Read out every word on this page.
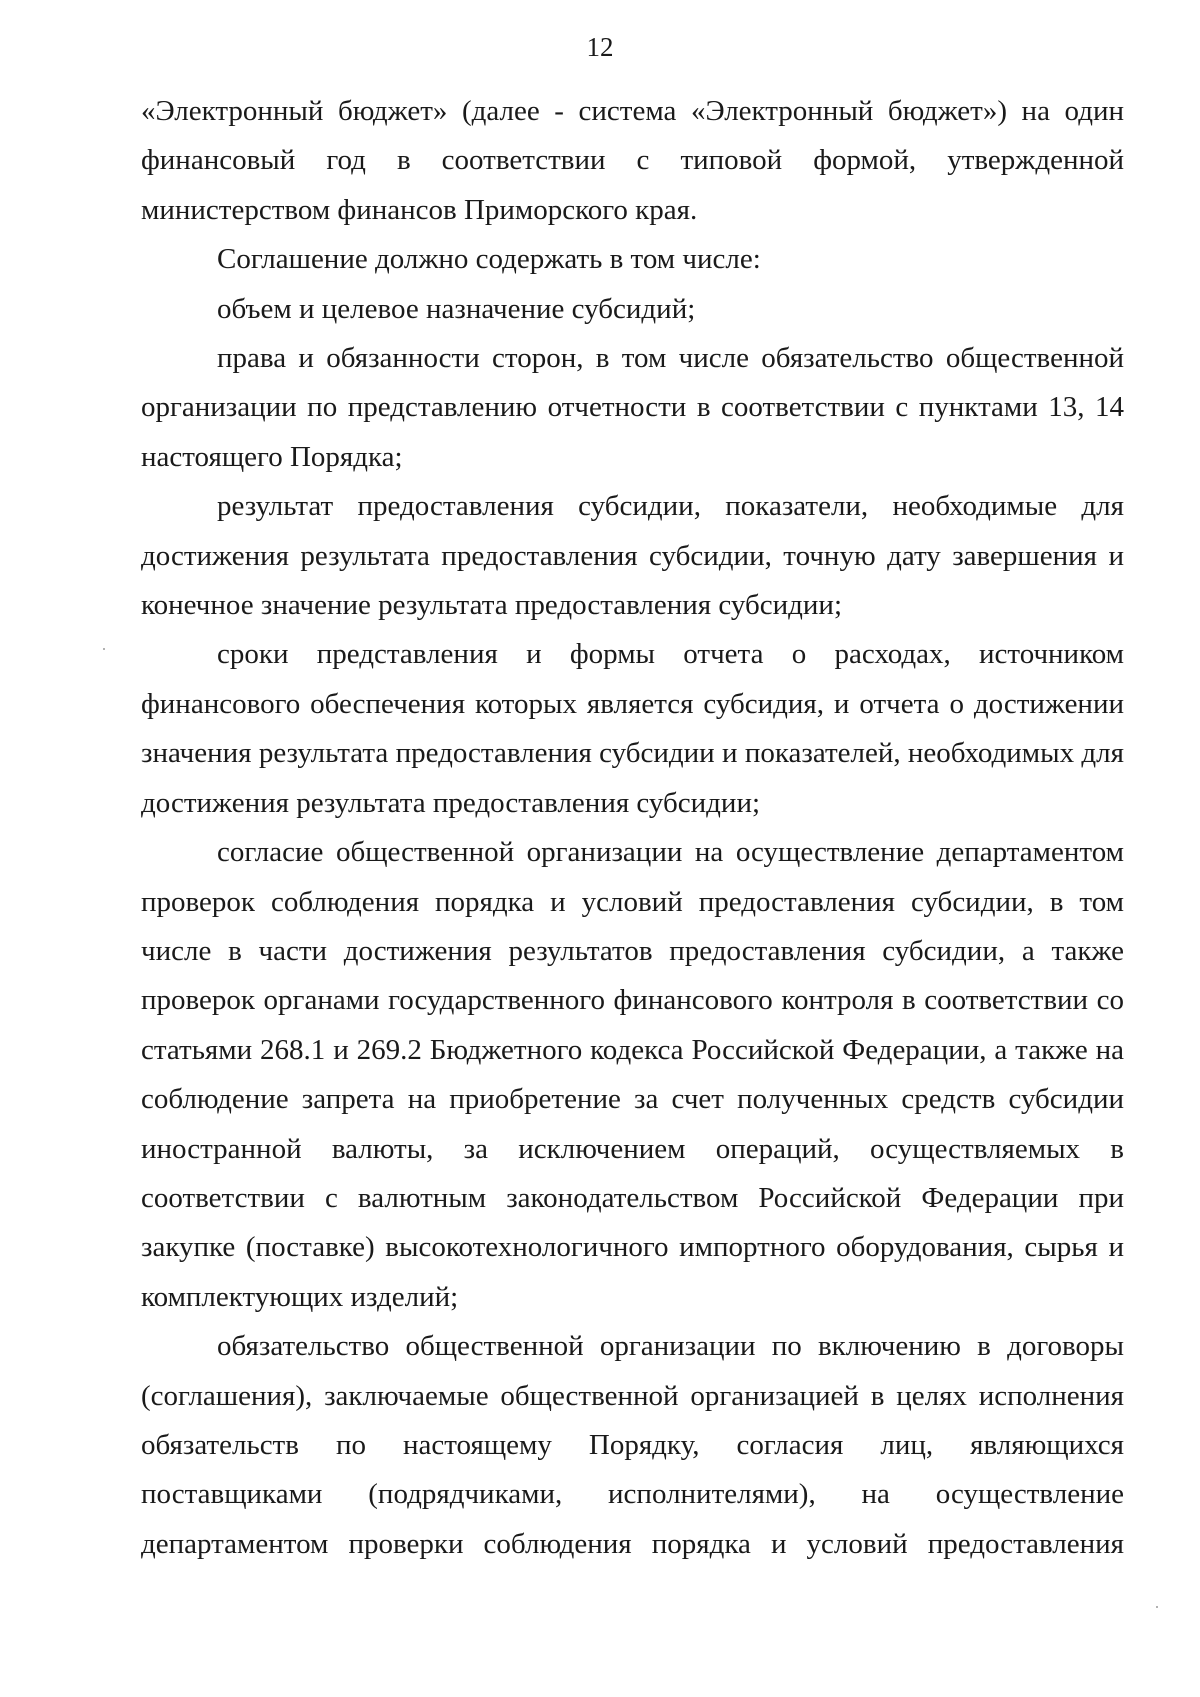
12

«Электронный бюджет» (далее - система «Электронный бюджет») на один финансовый год в соответствии с типовой формой, утвержденной министерством финансов Приморского края.

Соглашение должно содержать в том числе:

объем и целевое назначение субсидий;

права и обязанности сторон, в том числе обязательство общественной организации по представлению отчетности в соответствии с пунктами 13, 14 настоящего Порядка;

результат предоставления субсидии, показатели, необходимые для достижения результата предоставления субсидии, точную дату завершения и конечное значение результата предоставления субсидии;

сроки представления и формы отчета о расходах, источником финансового обеспечения которых является субсидия, и отчета о достижении значения результата предоставления субсидии и показателей, необходимых для достижения результата предоставления субсидии;

согласие общественной организации на осуществление департаментом проверок соблюдения порядка и условий предоставления субсидии, в том числе в части достижения результатов предоставления субсидии, а также проверок органами государственного финансового контроля в соответствии со статьями 268.1 и 269.2 Бюджетного кодекса Российской Федерации, а также на соблюдение запрета на приобретение за счет полученных средств субсидии иностранной валюты, за исключением операций, осуществляемых в соответствии с валютным законодательством Российской Федерации при закупке (поставке) высокотехнологичного импортного оборудования, сырья и комплектующих изделий;

обязательство общественной организации по включению в договоры (соглашения), заключаемые общественной организацией в целях исполнения обязательств по настоящему Порядку, согласия лиц, являющихся поставщиками (подрядчиками, исполнителями), на осуществление департаментом проверки соблюдения порядка и условий предоставления
